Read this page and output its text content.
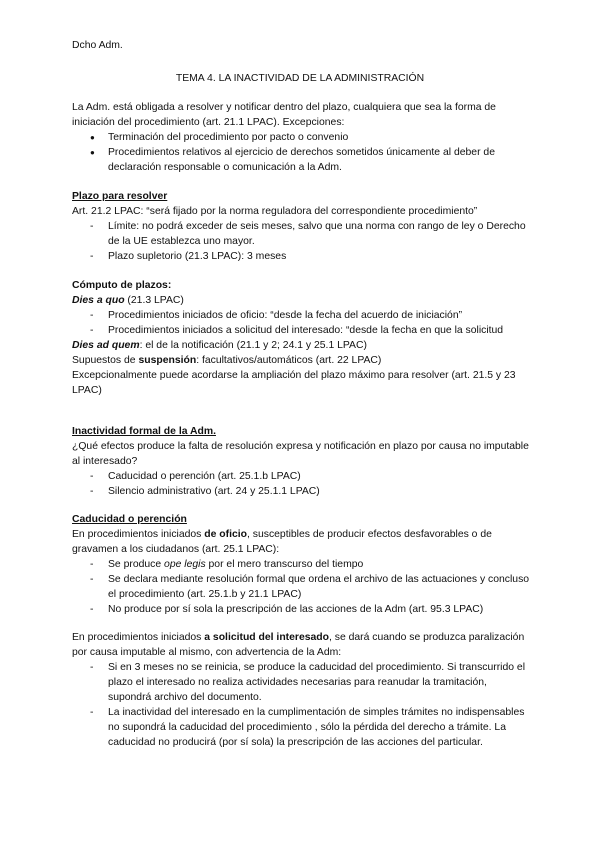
Dcho Adm.
TEMA 4. LA INACTIVIDAD DE LA ADMINISTRACIÓN

La Adm. está obligada a resolver y notificar dentro del plazo, cualquiera que sea la forma de iniciación del procedimiento (art. 21.1 LPAC). Excepciones:

● Terminación del procedimiento por pacto o convenio
● Procedimientos relativos al ejercicio de derechos sometidos únicamente al deber de declaración responsable o comunicación a la Adm.

Plazo para resolver

Art. 21.2 LPAC: “será fijado por la norma reguladora del correspondiente procedimiento”

- Límite: no podrá exceder de seis meses, salvo que una norma con rango de ley o Derecho de la UE establezca uno mayor.
- Plazo supletorio (21.3 LPAC): 3 meses

Cómputo de plazos:

Dies a quo (21.3 LPAC)

- Procedimientos iniciados de oficio: “desde la fecha del acuerdo de iniciación”
- Procedimientos iniciados a solicitud del interesado: “desde la fecha en que la solicitud

Dies ad quem: el de la notificación (21.1 y 2; 24.1 y 25.1 LPAC)

Supuestos de suspensión: facultativos/automáticos (art. 22 LPAC)

Excepcionalmente puede acordarse la ampliación del plazo máximo para resolver (art. 21.5 y 23 LPAC)

Inactividad formal de la Adm.

¿Qué efectos produce la falta de resolución expresa y notificación en plazo por causa no imputable al interesado?

- Caducidad o perención (art. 25.1.b LPAC)
- Silencio administrativo (art. 24 y 25.1.1 LPAC)

Caducidad o perención

En procedimientos iniciados de oficio, susceptibles de producir efectos desfavorables o de gravamen a los ciudadanos (art. 25.1 LPAC):

- Se produce ope legis por el mero transcurso del tiempo
- Se declara mediante resolución formal que ordena el archivo de las actuaciones y concluso el procedimiento (art. 25.1.b y 21.1 LPAC)
- No produce por sí sola la prescripción de las acciones de la Adm (art. 95.3 LPAC)

En procedimientos iniciados a solicitud del interesado, se dará cuando se produzca paralización por causa imputable al mismo, con advertencia de la Adm:

- Si en 3 meses no se reinicia, se produce la caducidad del procedimiento. Si transcurrido el plazo el interesado no realiza actividades necesarias para reanudar la tramitación, supondrá archivo del documento.
- La inactividad del interesado en la cumplimentación de simples trámites no indispensables no supondrá la caducidad del procedimiento , sólo la pérdida del derecho a trámite. La caducidad no producirá (por sí sola) la prescripción de las acciones del particular.
